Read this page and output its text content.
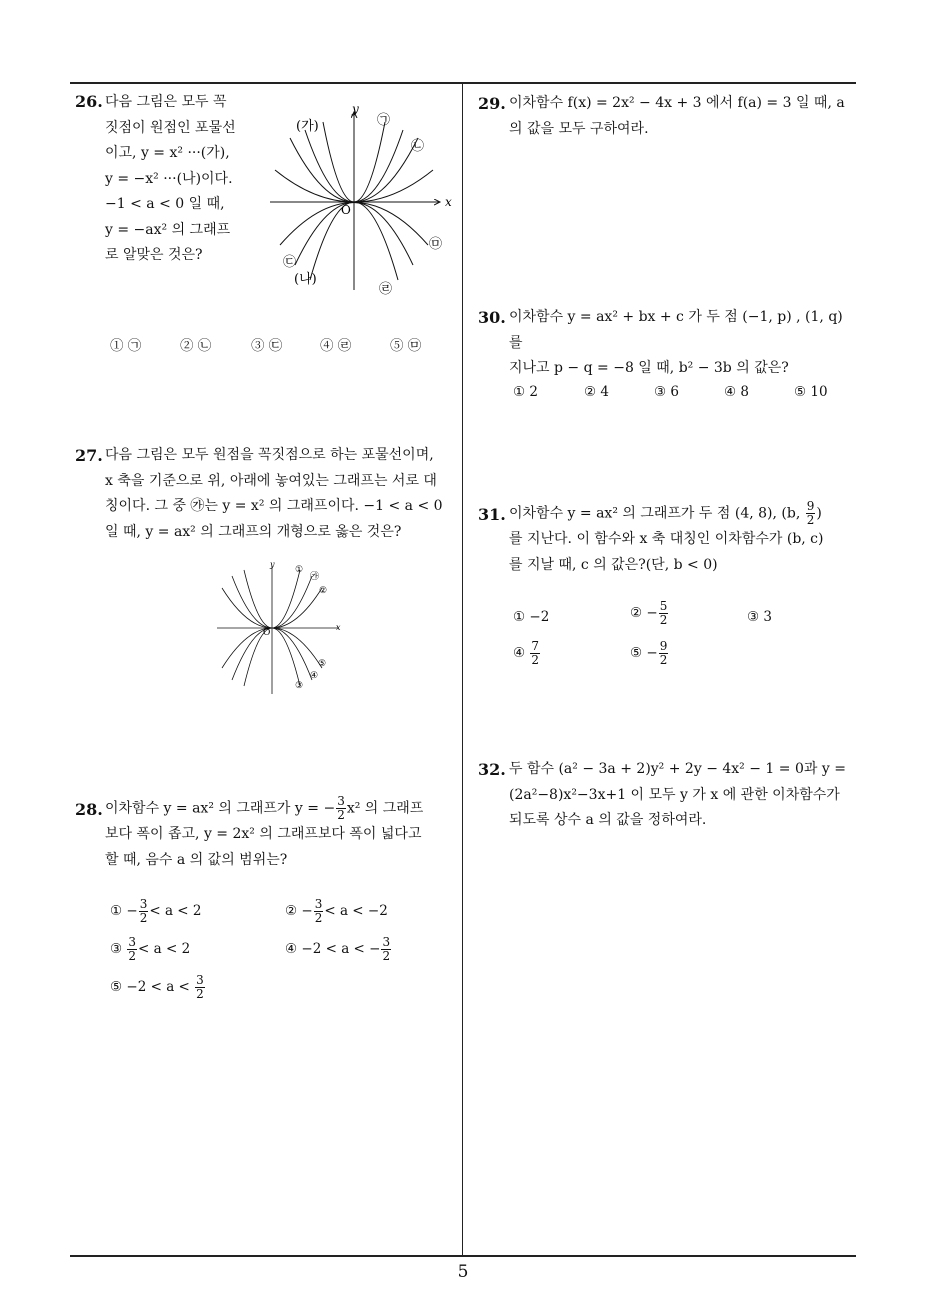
26. 다음 그림은 모두 꼭
짓점이 원점인 포물선
이고, y = x² ···(가),
y = −x² ···(나)이다.
−1 < a < 0 일 때,
y = −ax² 의 그래프
로 알맞은 것은?
y
x
O
(가)
(나)
㉠
㉡
㉢
㉣
㉤
① ㉠	② ㉡	③ ㉢	④ ㉣	⑤ ㉤
27. 다음 그림은 모두 원점을 꼭짓점으로 하는 포물선이며,
x 축을 기준으로 위, 아래에 놓여있는 그래프는 서로 대
칭이다. 그 중 ㉮는 y = x² 의 그래프이다. −1 < a < 0
일 때, y = ax² 의 그래프의 개형으로 옳은 것은?
y
x
O
①
㉮
②
⑤
④
③
28. 이차함수 y = ax² 의 그래프가 y = − $\frac{3}{2} x^2$ 의 그래프
보다 폭이 좁고, y = 2x² 의 그래프보다 폭이 넓다고
할 때, 음수 a 의 값의 범위는?
① − $\frac{3}{2} < a < 2$	② − $\frac{3}{2} < a < -2$
③ $\frac{3}{2} < a < 2$	④ −2 < a < − $\frac{3}{2}$
⑤ $-2 < a < \frac{3}{2}$
29. 이차함수 f(x) = 2x² − 4x + 3 에서 f(a) = 3 일 때, a
의 값을 모두 구하여라.
30. 이차함수 y = ax² + bx + c 가 두 점 (−1, p) , (1, q) 를
지나고 p − q = −8 일 때, b² − 3b 의 값은?
① 2	② 4	③ 6	④ 8	⑤ 10
31. 이차함수 y = ax² 의 그래프가 두 점 (4, 8), (b, $\frac{9}{2}$ )
를 지난다. 이 함수와 x 축 대칭인 이차함수가 (b, c)
를 지날 때, c 의 값은?(단, b < 0)
① −2	② − $\frac{5}{2}$	③ 3
④ $\frac{7}{2}$	⑤ − $\frac{9}{2}$
32. 두 함수 (a² − 3a + 2)y² + 2y − 4x² − 1 = 0과 y =
(2a²−8)x²−3x+1 이 모두 y 가 x 에 관한 이차함수가
되도록 상수 a 의 값을 정하여라.
5
